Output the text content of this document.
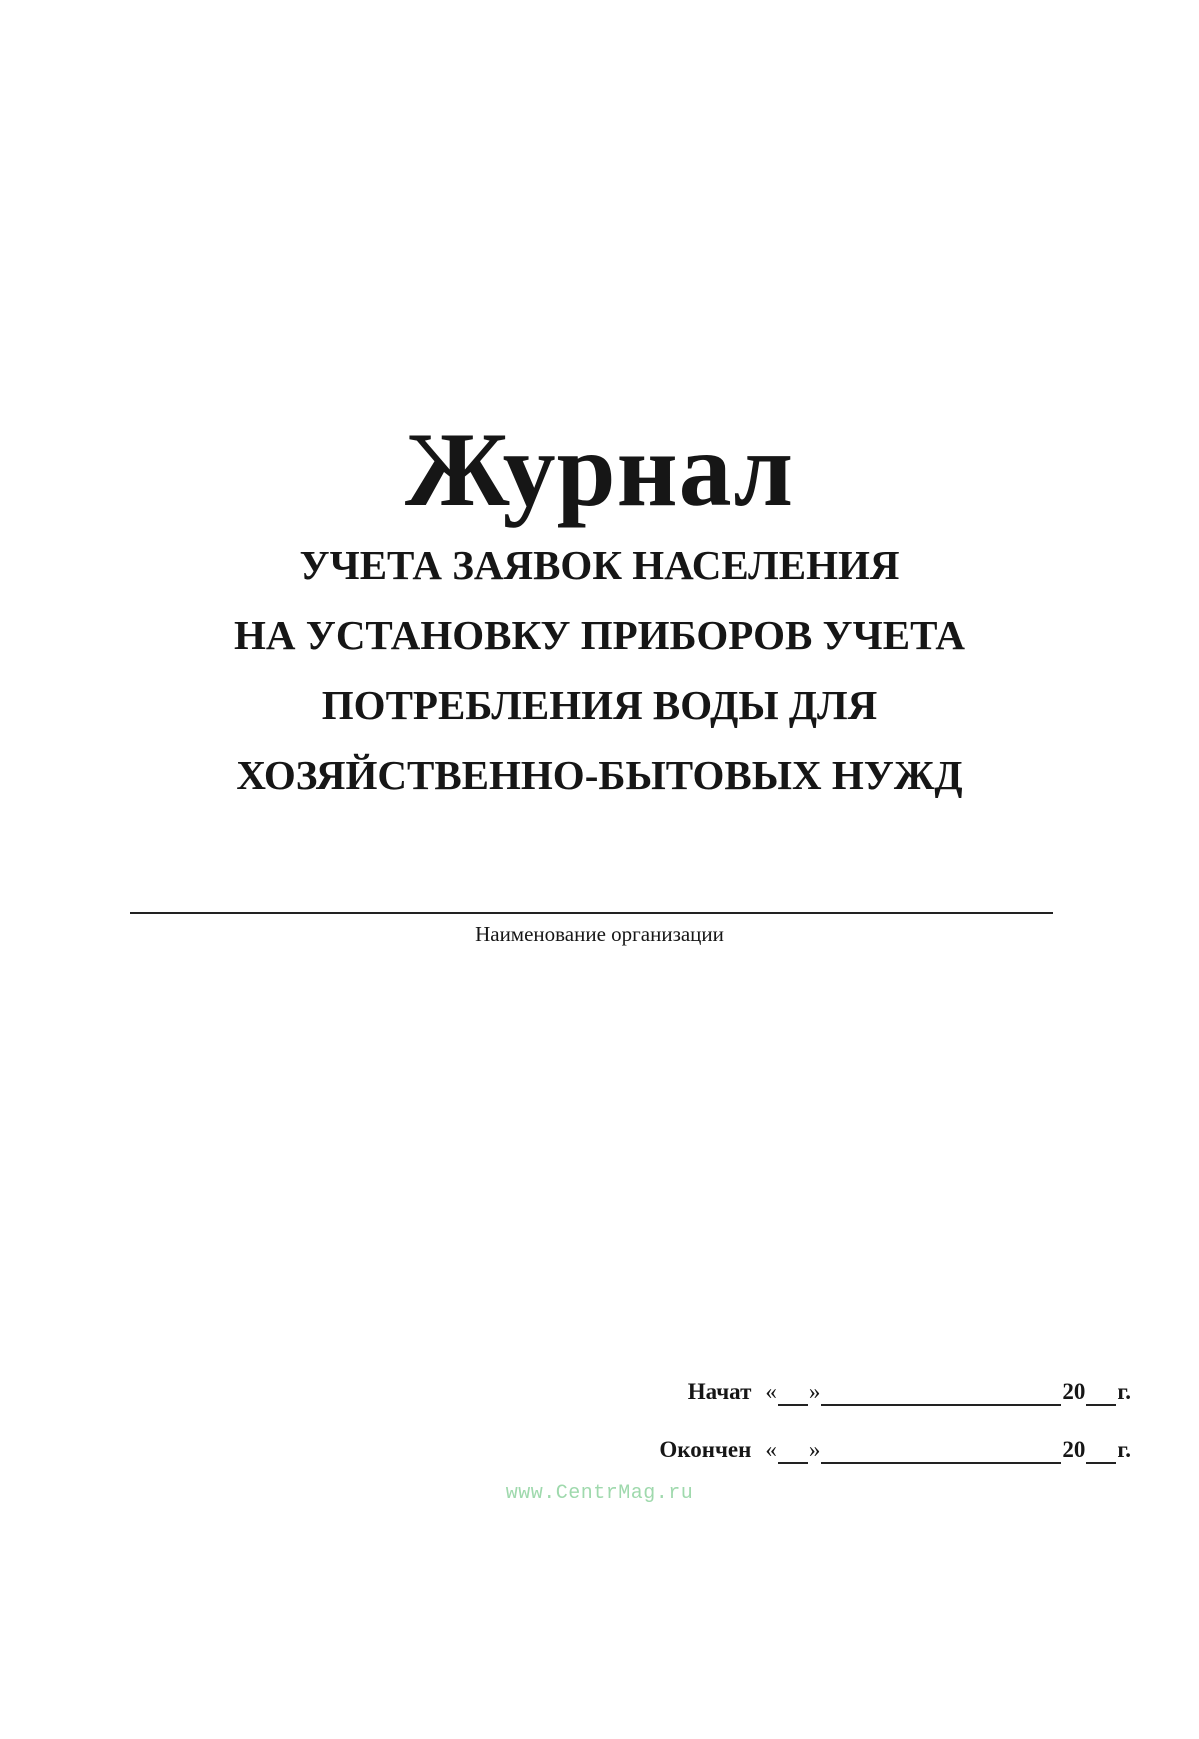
Журнал
УЧЕТА ЗАЯВОК НАСЕЛЕНИЯ
НА УСТАНОВКУ ПРИБОРОВ УЧЕТА
ПОТРЕБЛЕНИЯ ВОДЫ ДЛЯ
ХОЗЯЙСТВЕННО-БЫТОВЫХ НУЖД
Наименование организации
Начат « »	20 г.
Окончен « »	20 г.
www.CentrMag.ru
